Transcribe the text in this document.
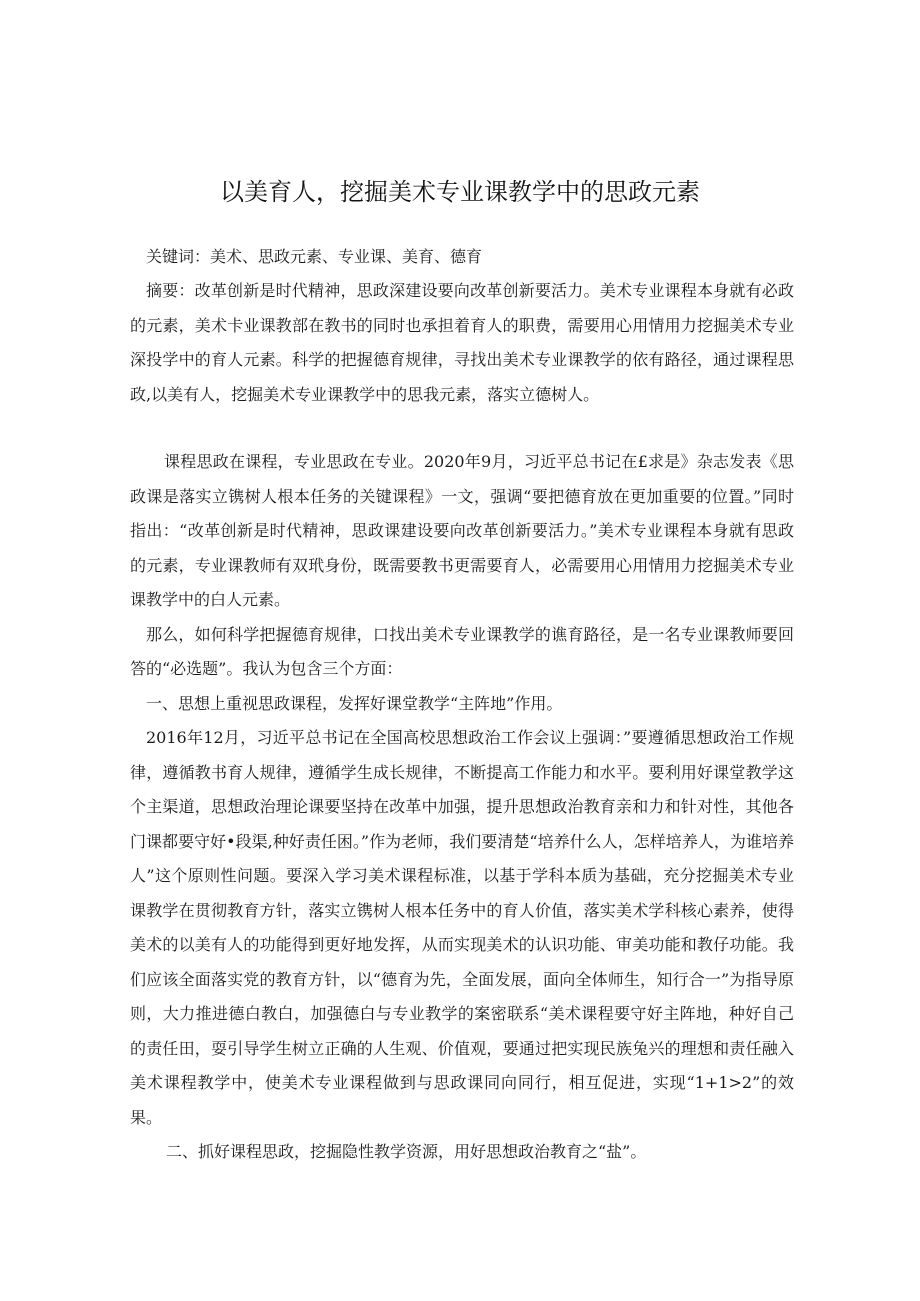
以美育人，挖掘美术专业课教学中的思政元素

关键词：美术、思政元素、专业课、美育、德育

摘要：改革创新是时代精神，思政深建设要向改革创新要活力。美术专业课程本身就有必政的元素，美术卡业课教部在教书的同时也承担着育人的职费，需要用心用情用力挖掘美术专业深投学中的育人元素。科学的把握德育规律，寻找出美术专业课教学的依有路径，通过课程思政,以美有人，挖掘美术专业课教学中的思我元素，落实立德树人。

课程思政在课程，专业思政在专业。2020年9月，习近平总书记在£求是》杂志发表《思政课是落实立镌树人根本任务的关键课程》一文，强调“要把德育放在更加重要的位置。”同时指出：“改革创新是时代精神，思政课建设要向改革创新要活力。”美术专业课程本身就有思政的元素，专业课教师有双玳身份，既需要教书更需要育人，必需要用心用情用力挖掘美术专业课教学中的白人元素。

那么，如何科学把握德育规律，口找出美术专业课教学的谯育路径，是一名专业课教师要回答的“必选题”。我认为包含三个方面：

一、思想上重视思政课程，发挥好课堂教学“主阵地”作用。

2016年12月，习近平总书记在全国高校思想政治工作会议上强调：”要遵循思想政治工作规律，遵循教书育人规律，遵循学生成长规律，不断提高工作能力和水平。要利用好课堂教学这个主渠道，思想政治理论课要坚持在改革中加强，提升思想政治教育亲和力和针对性，其他各门课都要守好•段渠,种好责任困。”作为老师，我们要清楚“培养什么人，怎样培养人，为谁培养人”这个原则性问题。要深入学习美术课程标准，以基于学科本质为基础，充分挖掘美术专业课教学在贯彻教育方针，落实立镌树人根本任务中的育人价值，落实美术学科核心素养，使得美术的以美有人的功能得到更好地发挥，从而实现美术的认识功能、审美功能和教仔功能。我们应该全面落实党的教育方针，以“德育为先，全面发展，面向全体师生，知行合一”为指导原则，大力推进德白教白，加强德白与专业教学的案密联系“美术课程要守好主阵地，种好自己的责任田，耍引导学生树立正确的人生观、价值观，要通过把实现民族兔兴的理想和责任融入美术课程教学中，使美术专业课程做到与思政课同向同行，相互促进，实现“1+1>2”的效果。

二、抓好课程思政，挖掘隐性教学资源，用好思想政治教育之“盐”。
